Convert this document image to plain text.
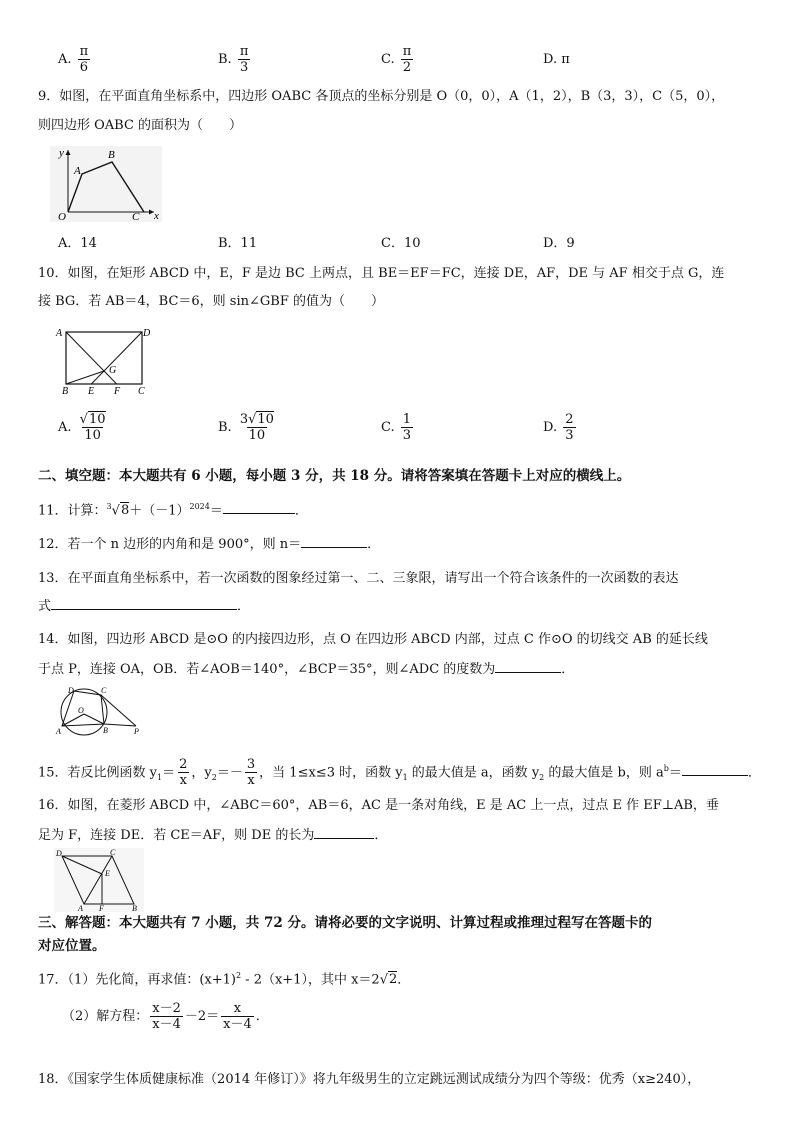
A. $\frac{\pi}{6}$	B. $\frac{\pi}{3}$	C. $\frac{\pi}{2}$	D. π
9．如图，在平面直角坐标系中，四边形 OABC 各顶点的坐标分别是 O（0，0），A（1，2），B（3，3），C（5，0），
则四边形 OABC 的面积为（　　）
y
x
O
A
B
C
A．14	B．11	C．10	D．9
10．如图，在矩形 ABCD 中，E，F 是边 BC 上两点，且 BE＝EF＝FC，连接 DE，AF，DE 与 AF 相交于点 G，连
接 BG．若 AB＝4，BC＝6，则 sin∠GBF 的值为（　　）
A	D
B E F C
G
A. $\frac{√10}{10}$	B. $\frac{3√10}{10}$	C. $\frac{1}{3}$	D. $\frac{2}{3}$
二、填空题：本大题共有 6 小题，每小题 3 分，共 18 分。请将答案填在答题卡上对应的横线上。
11．计算：$^3√8+(-1)^{2024}=$	．
12．若一个 n 边形的内角和是 900°，则 n＝	．
13．在平面直角坐标系中，若一次函数的图象经过第一、二、三象限，请写出一个符合该条件的一次函数的表达
式	．
14．如图，四边形 ABCD 是⊙O 的内接四边形，点 O 在四边形 ABCD 内部，过点 C 作⊙O 的切线交 AB 的延长线
于点 P，连接 OA，OB．若∠AOB＝140°，∠BCP＝35°，则∠ADC 的度数为	．
D	C
O
A	B	P
15．若反比例函数 $y_1= \frac{2}{x}$ ，$y_2=- \frac{3}{x}$ ，当 1≤x≤3 时，函数 $y_1$ 的最大值是 a，函数 $y_2$ 的最大值是 b，则 $a^b=$	．
16．如图，在菱形 ABCD 中，∠ABC＝60°，AB＝6，AC 是一条对角线，E 是 AC 上一点，过点 E 作 EF⊥AB，垂
足为 F，连接 DE．若 CE＝AF，则 DE 的长为	．
D	C
E
A F	B
三、解答题：本大题共有 7 小题，共 72 分。请将必要的文字说明、计算过程或推理过程写在答题卡的
对应位置。
17．（1）先化简，再求值：$(x+1)^2 - 2(x+1)$，其中 x＝2√2．
（2）解方程： $\frac{x-2}{x-4} -2= \frac{x}{x-4}$ ．
18．《国家学生体质健康标准（2014 年修订）》将九年级男生的立定跳远测试成绩分为四个等级：优秀（x≥240），
